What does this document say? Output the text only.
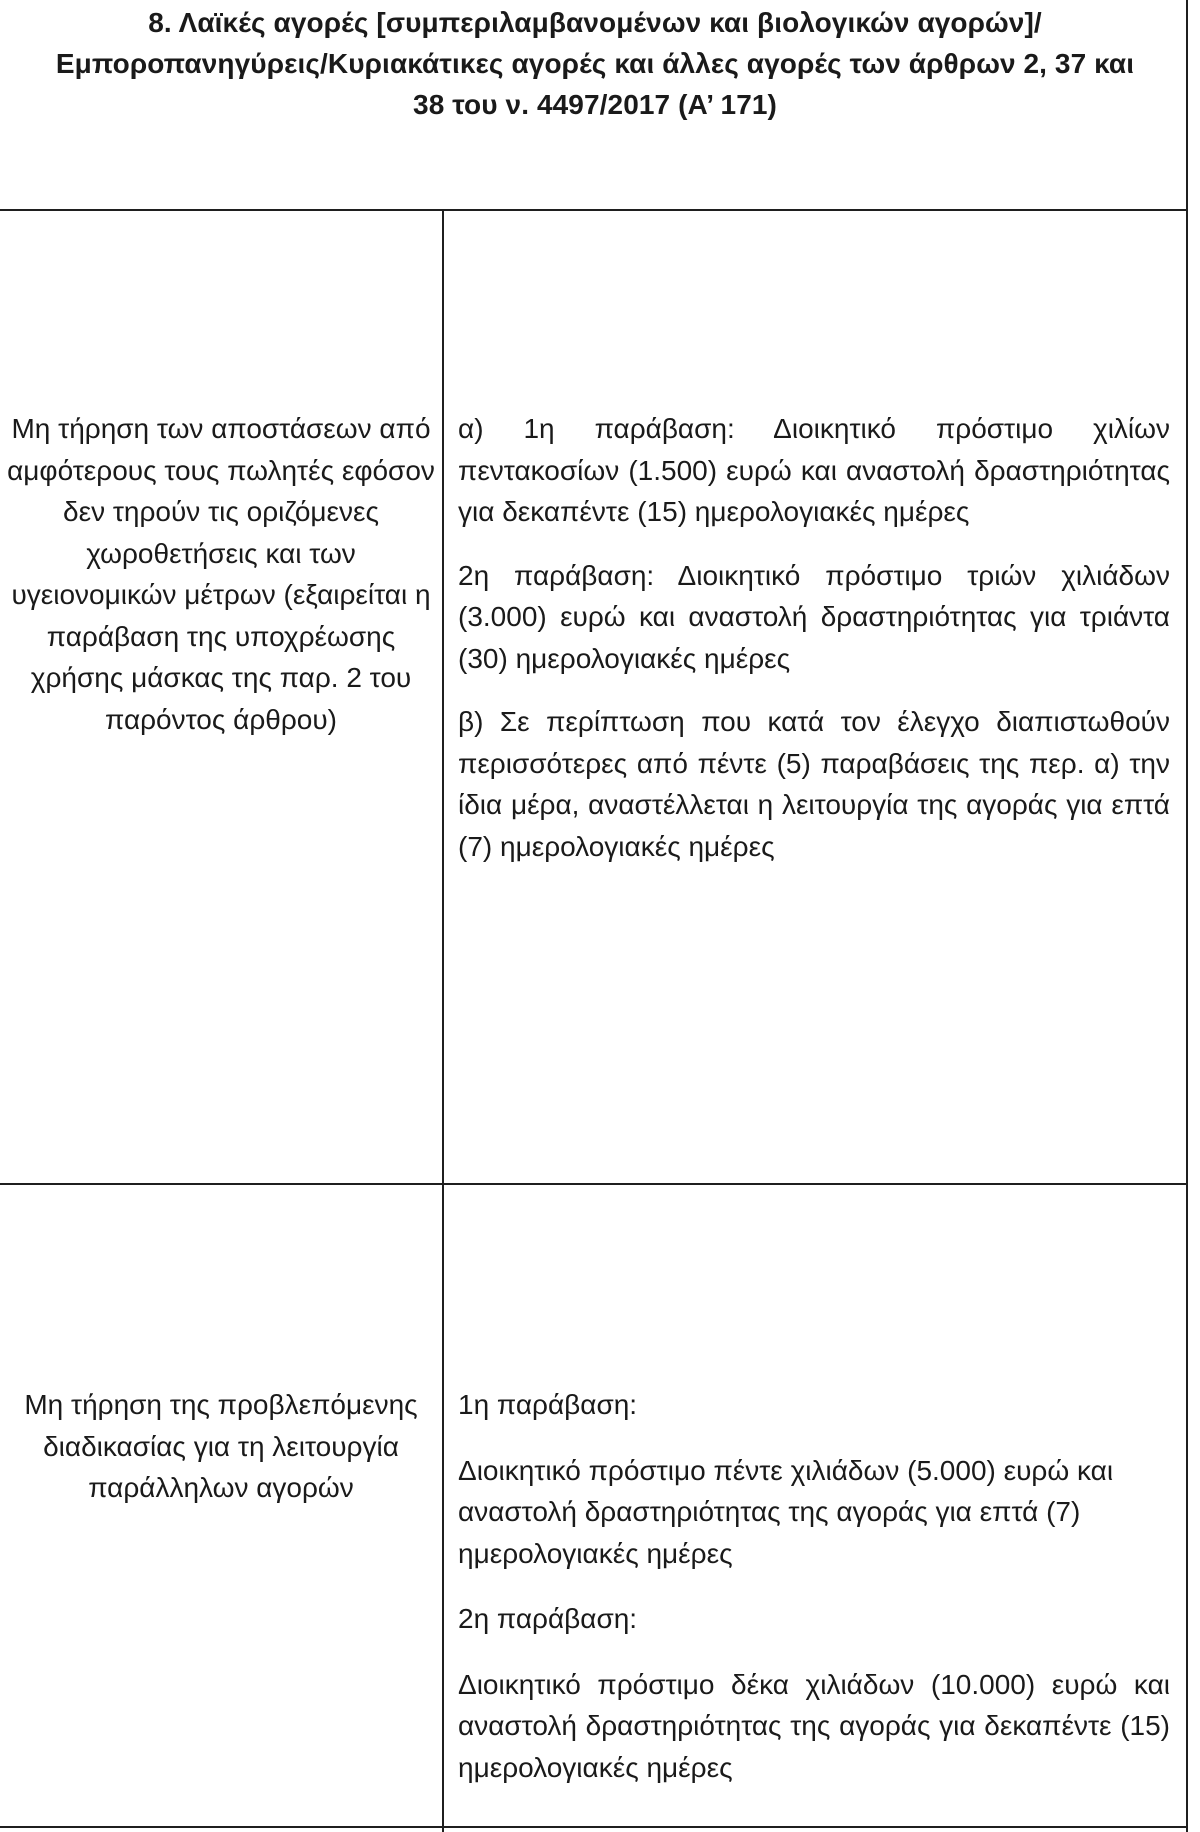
8. Λαϊκές αγορές [συμπεριλαμβανομένων και βιολογικών αγορών]/Εμποροπανηγύρεις/Κυριακάτικες αγορές και άλλες αγορές των άρθρων 2, 37 και 38 του ν. 4497/2017 (Α’ 171)
Μη τήρηση των αποστάσεων από αμφότερους τους πωλητές εφόσον δεν τηρούν τις οριζόμενες χωροθετήσεις και των υγειονομικών μέτρων (εξαιρείται η παράβαση της υποχρέωσης χρήσης μάσκας της παρ. 2 του παρόντος άρθρου)

α) 1η παράβαση: Διοικητικό πρόστιμο χιλίων πεντακοσίων (1.500) ευρώ και αναστολή δραστηριότητας για δεκαπέντε (15) ημερολογιακές ημέρες

2η παράβαση: Διοικητικό πρόστιμο τριών χιλιάδων (3.000) ευρώ και αναστολή δραστηριότητας για τριάντα (30) ημερολογιακές ημέρες

β) Σε περίπτωση που κατά τον έλεγχο διαπιστωθούν περισσότερες από πέντε (5) παραβάσεις της περ. α) την ίδια μέρα, αναστέλλεται η λειτουργία της αγοράς για επτά (7) ημερολογιακές ημέρες

Μη τήρηση της προβλεπόμενης διαδικασίας για τη λειτουργία παράλληλων αγορών

1η παράβαση:

Διοικητικό πρόστιμο πέντε χιλιάδων (5.000) ευρώ και αναστολή δραστηριότητας της αγοράς για επτά (7) ημερολογιακές ημέρες

2η παράβαση:

Διοικητικό πρόστιμο δέκα χιλιάδων (10.000) ευρώ και αναστολή δραστηριότητας της αγοράς για δεκαπέντε (15) ημερολογιακές ημέρες
